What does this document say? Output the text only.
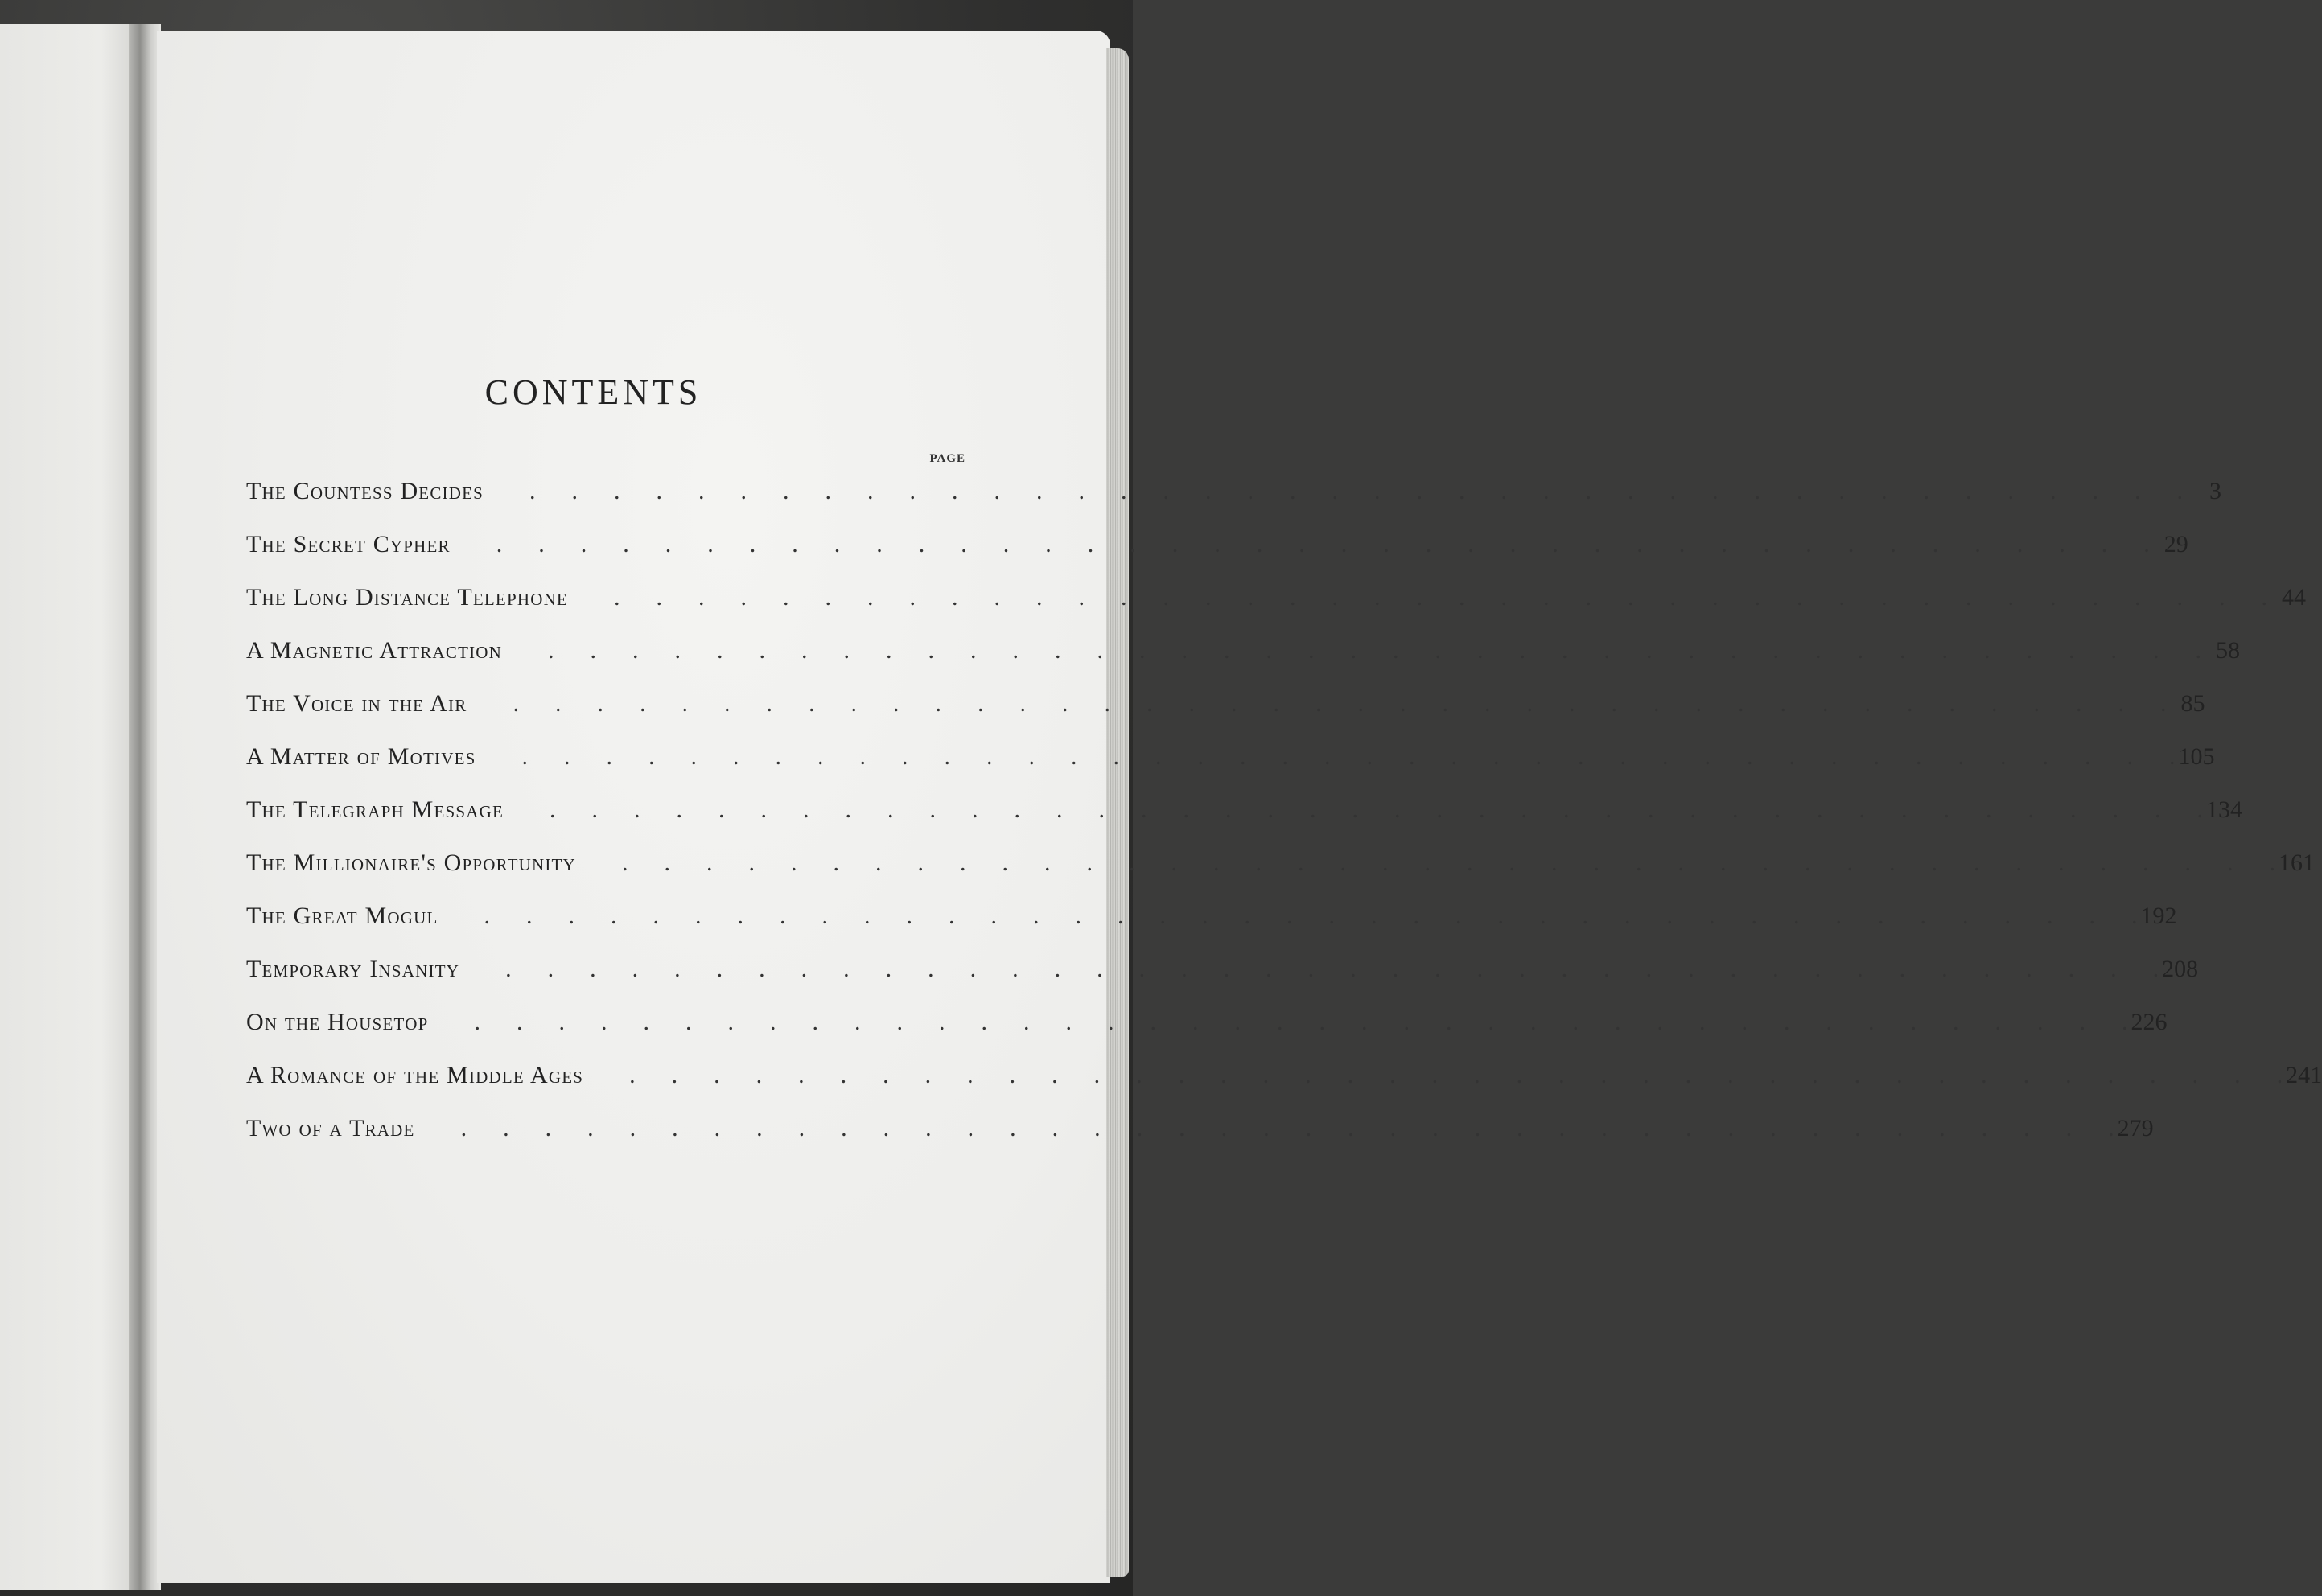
CONTENTS
PAGE
The Countess Decides .  .  .  .  .  .  .  .  .  .  .  .  .  .  .  .  .  .  .  .  .  .  .  .  .  .  .  .  .  .  .  .  .  .  .  .  .  .  .  .  	3
The Secret Cypher .  .  .  .  .  .  .  .  .  .  .  .  .  .  .  .  .  .  .  .  .  .  .  .  .  .  .  .  .  .  .  .  .  .  .  .  .  .  .  .   29
The Long Distance Telephone .  .  .  .  .  .  .  .  .  .  .  .  .  .  .  .  .  .  .  .  .  .  .  .  .  .  .  .  .  .  .  .  .  .  .  .  .  .  .  .   44
A Magnetic Attraction .  .  .  .  .  .  .  .  .  .  .  .  .  .  .  .  .  .  .  .  .  .  .  .  .  .  .  .  .  .  .  .  .  .  .  .  .  .  .  .   58
The Voice in the Air .  .  .  .  .  .  .  .  .  .  .  .  .  .  .  .  .  .  .  .  .  .  .  .  .  .  .  .  .  .  .  .  .  .  .  .  .  .  .  .   85
A Matter of Motives .  .  .  .  .  .  .  .  .  .  .  .  .  .  .  .  .  .  .  .  .  .  .  .  .  .  .  .  .  .  .  .  .  .  .  .  .  .  .  .   105
The Telegraph Message .  .  .  .  .  .  .  .  .  .  .  .  .  .  .  .  .  .  .  .  .  .  .  .  .  .  .  .  .  .  .  .  .  .  .  .  .  .  .  .   134
The Millionaire's Opportunity .  .  .  .  .  .  .  .  .  .  .  .  .  .  .  .  .  .  .  .  .  .  .  .  .  .  .  .  .  .  .  .  .  .  .  .  .  .  .  .   161
The Great Mogul .  .  .  .  .  .  .  .  .  .  .  .  .  .  .  .  .  .  .  .  .  .  .  .  .  .  .  .  .  .  .  .  .  .  .  .  .  .  .  .   192
Temporary Insanity .  .  .  .  .  .  .  .  .  .  .  .  .  .  .  .  .  .  .  .  .  .  .  .  .  .  .  .  .  .  .  .  .  .  .  .  .  .  .  .   208
On the Housetop .  .  .  .  .  .  .  .  .  .  .  .  .  .  .  .  .  .  .  .  .  .  .  .  .  .  .  .  .  .  .  .  .  .  .  .  .  .  .  .   226
A Romance of the Middle Ages .  .  .  .  .  .  .  .  .  .  .  .  .  .  .  .  .  .  .  .  .  .  .  .  .  .  .  .  .  .  .  .  .  .  .  .  .  .  .  .   241
Two of a Trade .  .  .  .  .  .  .  .  .  .  .  .  .  .  .  .  .  .  .  .  .  .  .  .  .  .  .  .  .  .  .  .  .  .  .  .  .  .  .  .   279
